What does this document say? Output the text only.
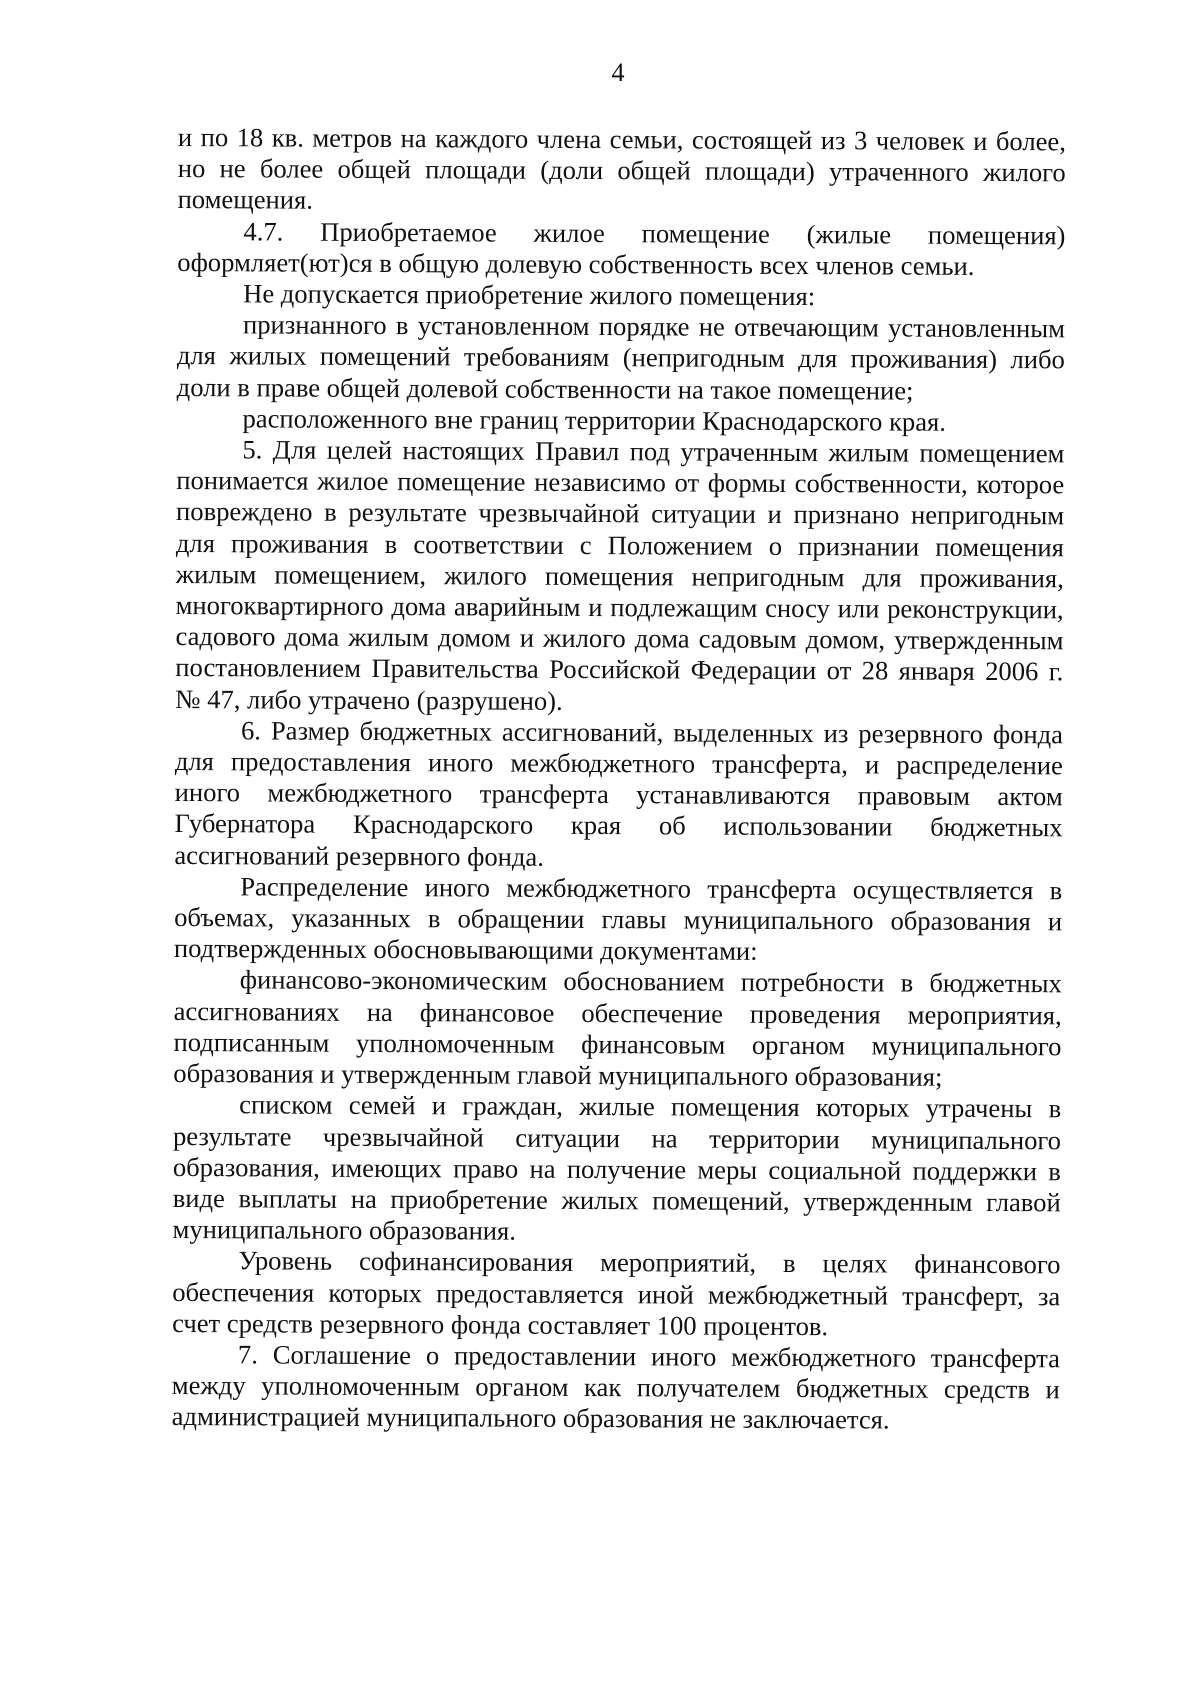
4

и по 18 кв. метров на каждого члена семьи, состоящей из 3 человек и более, но не более общей площади (доли общей площади) утраченного жилого помещения.

4.7. Приобретаемое жилое помещение (жилые помещения) оформляет(ют)ся в общую долевую собственность всех членов семьи.

Не допускается приобретение жилого помещения:

признанного в установленном порядке не отвечающим установленным для жилых помещений требованиям (непригодным для проживания) либо доли в праве общей долевой собственности на такое помещение;

расположенного вне границ территории Краснодарского края.

5. Для целей настоящих Правил под утраченным жилым помещением понимается жилое помещение независимо от формы собственности, которое повреждено в результате чрезвычайной ситуации и признано непригодным для проживания в соответствии с Положением о признании помещения жилым помещением, жилого помещения непригодным для проживания, многоквартирного дома аварийным и подлежащим сносу или реконструкции, садового дома жилым домом и жилого дома садовым домом, утвержденным постановлением Правительства Российской Федерации от 28 января 2006 г. № 47, либо утрачено (разрушено).

6. Размер бюджетных ассигнований, выделенных из резервного фонда для предоставления иного межбюджетного трансферта, и распределение иного межбюджетного трансферта устанавливаются правовым актом Губернатора Краснодарского края об использовании бюджетных ассигнований резервного фонда.

Распределение иного межбюджетного трансферта осуществляется в объемах, указанных в обращении главы муниципального образования и подтвержденных обосновывающими документами:

финансово-экономическим обоснованием потребности в бюджетных ассигнованиях на финансовое обеспечение проведения мероприятия, подписанным уполномоченным финансовым органом муниципального образования и утвержденным главой муниципального образования;

списком семей и граждан, жилые помещения которых утрачены в результате чрезвычайной ситуации на территории муниципального образования, имеющих право на получение меры социальной поддержки в виде выплаты на приобретение жилых помещений, утвержденным главой муниципального образования.

Уровень софинансирования мероприятий, в целях финансового обеспечения которых предоставляется иной межбюджетный трансферт, за счет средств резервного фонда составляет 100 процентов.

7. Соглашение о предоставлении иного межбюджетного трансферта между уполномоченным органом как получателем бюджетных средств и администрацией муниципального образования не заключается.
